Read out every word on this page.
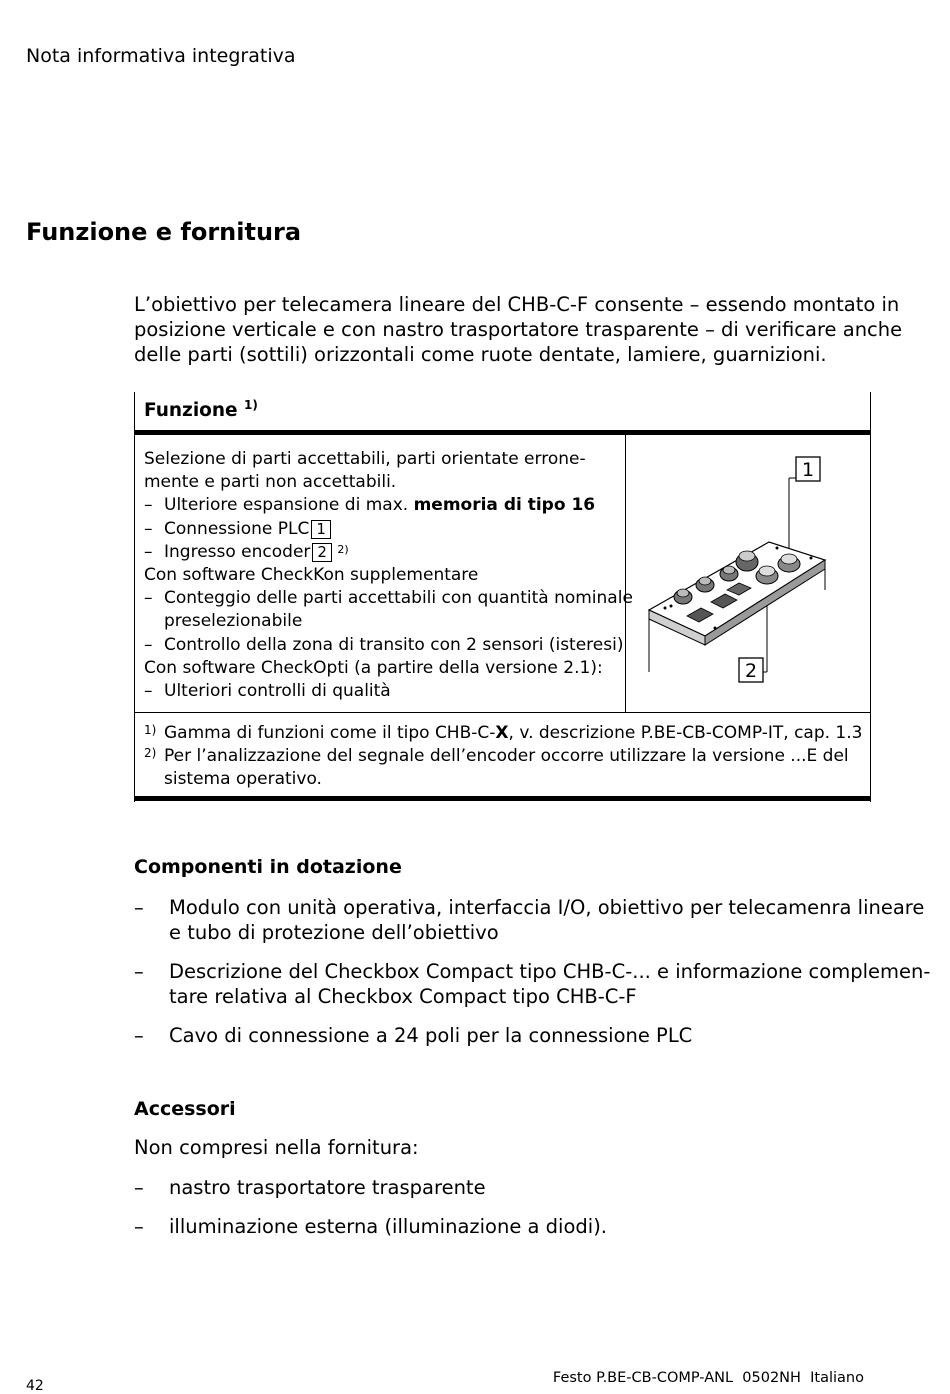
Nota informativa integrativa
Funzione e fornitura
L’obiettivo per telecamera lineare del CHB-C-F consente – essendo montato in
posizione verticale e con nastro trasportatore trasparente – di verificare anche
delle parti (sottili) orizzontali come ruote dentate, lamiere, guarnizioni.
Funzione $^{1)}$
Selezione di parti accettabili, parti orientate errone-
mente e parti non accettabili.
– Ulteriore espansione di max. memoria di tipo 16
– Connessione PLC 1
– Ingresso encoder 2 $^{2)}$
Con software CheckKon supplementare
– Conteggio delle parti accettabili con quantità nominale
preselezionabile
– Controllo della zona di transito con 2 sensori (isteresi)
Con software CheckOpti (a partire della versione 2.1):
– Ulteriori controlli di qualità
1
2
1) Gamma di funzioni come il tipo CHB-C-X, v. descrizione P.BE-CB-COMP-IT, cap. 1.3
2) Per l’analizzazione del segnale dell’encoder occorre utilizzare la versione ...E del
sistema operativo.
Componenti in dotazione
– Modulo con unità operativa, interfaccia I/O, obiettivo per telecamenra lineare
e tubo di protezione dell’obiettivo
– Descrizione del Checkbox Compact tipo CHB-C-... e informazione complemen-
tare relativa al Checkbox Compact tipo CHB-C-F
– Cavo di connessione a 24 poli per la connessione PLC
Accessori
Non compresi nella fornitura:
– nastro trasportatore trasparente
– illuminazione esterna (illuminazione a diodi).
42	Festo P.BE-CB-COMP-ANL  0502NH  Italiano
